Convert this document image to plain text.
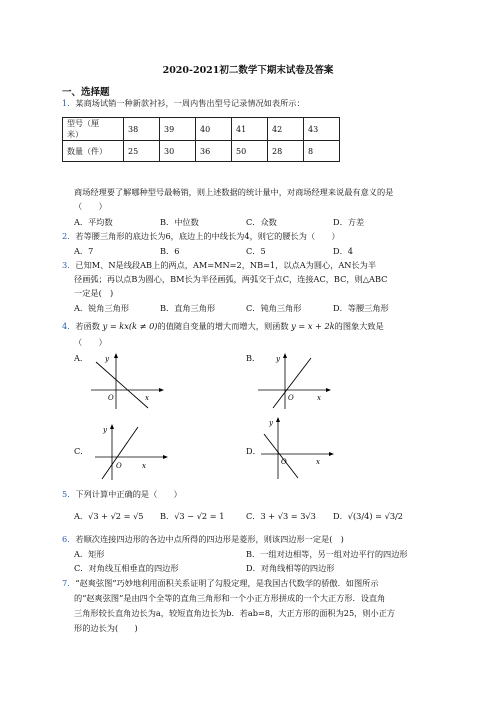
2020-2021初二数学下期末试卷及答案
一、选择题
1．某商场试销一种新款衬衫，一周内售出型号记录情况如表所示：
型号（厘
米）	38	39	40	41	42	43
数量（件）	25	30	36	50	28	8
商场经理要了解哪种型号最畅销，则上述数据的统计量中，对商场经理来说最有意义的是
（　　）
A．平均数	B．中位数	C．众数	D．方差
2．若等腰三角形的底边长为6，底边上的中线长为4，则它的腰长为（　　）
A．7	B．6	C．5	D．4
3．已知M、N是线段AB上的两点，AM=MN=2，NB=1，以点A为圆心，AN长为半
径画弧；再以点B为圆心，BM长为半径画弧，两弧交于点C，连接AC，BC，则△ABC
一定是(　)
A．锐角三角形	B．直角三角形	C．钝角三角形	D．等腰三角形
4．若函数 y = kx(k ≠ 0)的值随自变量的增大而增大，则函数 y = x + 2k的图象大致是
（　　）
A． y
x
O
B． y
x
O
C．
y
x
O
D．
y
x
O
5．下列计算中正确的是（　　）
A．√3 + √2 = √5 B．√3 − √2 = 1	C．3 + √3 = 3√3 D．√(3/4) = √3/2
6．若顺次连接四边形的各边中点所得的四边形是菱形，则该四边形一定是(　)
A．矩形	B．一组对边相等，另一组对边平行的四边形
C．对角线互相垂直的四边形	D．对角线相等的四边形
7．“赵爽弦图”巧妙地利用面积关系证明了勾股定理，是我国古代数学的骄傲．如图所示
的“赵爽弦图”是由四个全等的直角三角形和一个小正方形拼成的一个大正方形．设直角
三角形较长直角边长为a，较短直角边长为b．若ab=8，大正方形的面积为25，则小正方
形的边长为(　　)
